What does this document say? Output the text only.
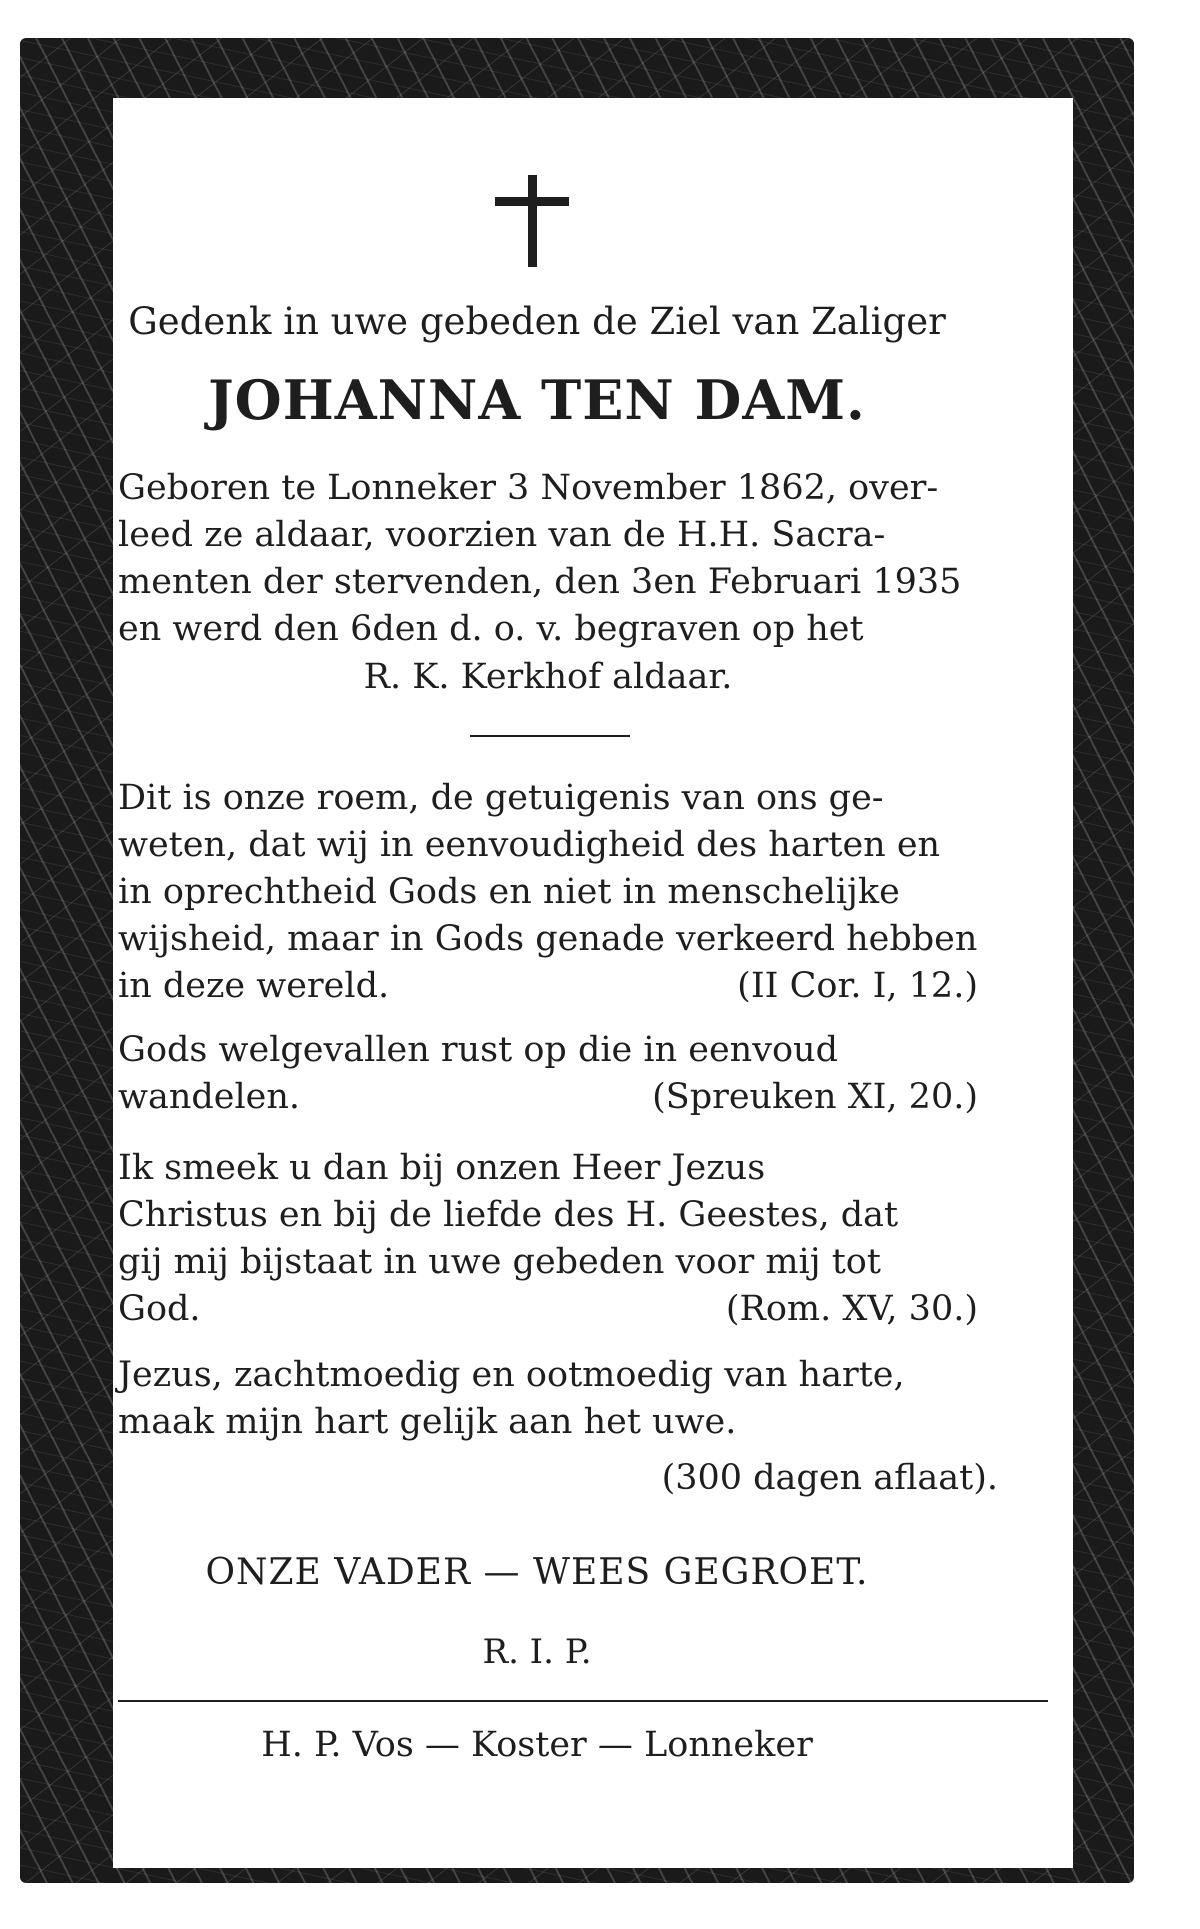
Gedenk in uwe gebeden de Ziel van Zaliger
JOHANNA TEN DAM.
Geboren te Lonneker 3 November 1862, over-
leed ze aldaar, voorzien van de H.H. Sacra-
menten der stervenden, den 3en Februari 1935
en werd den 6den d. o. v. begraven op het
R. K. Kerkhof aldaar.
Dit is onze roem, de getuigenis van ons ge-
weten, dat wij in eenvoudigheid des harten en
in oprechtheid Gods en niet in menschelijke
wijsheid, maar in Gods genade verkeerd hebben
in deze wereld.	(II Cor. I, 12.)
Gods welgevallen rust op die in eenvoud
wandelen.	(Spreuken XI, 20.)
Ik smeek u dan bij onzen Heer Jezus
Christus en bij de liefde des H. Geestes, dat
gij mij bijstaat in uwe gebeden voor mij tot
God.	(Rom. XV, 30.)
Jezus, zachtmoedig en ootmoedig van harte,
maak mijn hart gelijk aan het uwe.
(300 dagen aflaat).
ONZE VADER — WEES GEGROET.
R. I. P.
H. P. Vos — Koster — Lonneker
